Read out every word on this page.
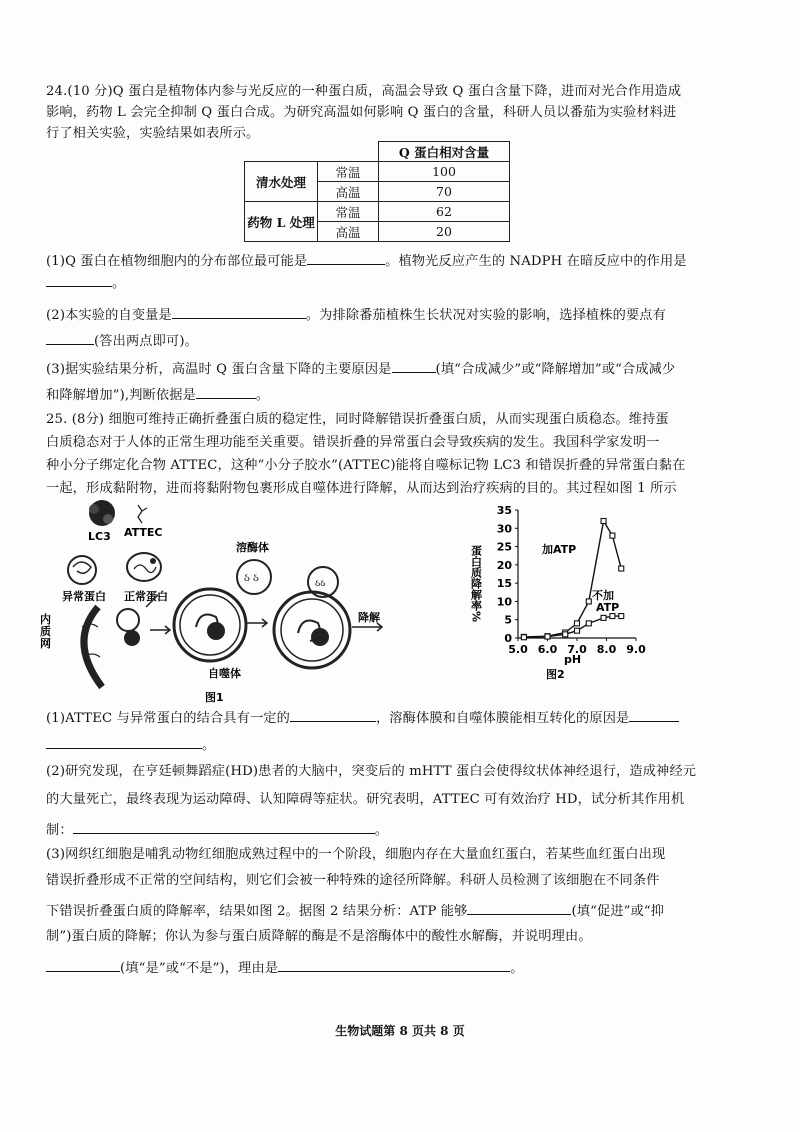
24.(10 分)Q 蛋白是植物体内参与光反应的一种蛋白质，高温会导致 Q 蛋白含量下降，进而对光合作用造成
影响，药物 L 会完全抑制 Q 蛋白合成。为研究高温如何影响 Q 蛋白的含量，科研人员以番茄为实验材料进
行了相关实验，实验结果如表所示。
		Q 蛋白相对含量
清水处理	常温	100
	高温	70
药物 L 处理	常温	62
	高温	20
(1)Q 蛋白在植物细胞内的分布部位最可能是	。植物光反应产生的 NADPH 在暗反应中的作用是
。
(2)本实验的自变量是	。为排除番茄植株生长状况对实验的影响，选择植株的要点有
(答出两点即可)。
(3)据实验结果分析，高温时 Q 蛋白含量下降的主要原因是	(填“合成减少”或“降解增加”或“合成减少
和降解增加”),判断依据是	。
25. (8分) 细胞可维持正确折叠蛋白质的稳定性，同时降解错误折叠蛋白质，从而实现蛋白质稳态。维持蛋
白质稳态对于人体的正常生理功能至关重要。错误折叠的异常蛋白会导致疾病的发生。我国科学家发明一
种小分子绑定化合物 ATTEC，这种“小分子胶水”(ATTEC)能将自噬标记物 LC3 和错误折叠的异常蛋白黏在
一起，形成黏附物，进而将黏附物包裹形成自噬体进行降解，从而达到治疗疾病的目的。其过程如图 1 所示
LC3 ATTEC
异常蛋白 正常蛋白
内
质
网
溶酶体
自噬体
降解
图1
ઠ ઠ	ઠઠ	蛋白质降解率%
pH
图2
加ATP
不加
ATP
0
5
10
15
20
25
30
35
5.0 6.0 7.0 8.0 9.0
(1)ATTEC 与异常蛋白的结合具有一定的	，溶酶体膜和自噬体膜能相互转化的原因是
。
(2)研究发现，在亨廷顿舞蹈症(HD)患者的大脑中，突变后的 mHTT 蛋白会使得纹状体神经退行，造成神经元
的大量死亡，最终表现为运动障碍、认知障碍等症状。研究表明，ATTEC 可有效治疗 HD，试分析其作用机
制：	。
(3)网织红细胞是哺乳动物红细胞成熟过程中的一个阶段，细胞内存在大量血红蛋白，若某些血红蛋白出现
错误折叠形成不正常的空间结构，则它们会被一种特殊的途径所降解。科研人员检测了该细胞在不同条件
下错误折叠蛋白质的降解率，结果如图 2。据图 2 结果分析：ATP 能够	(填“促进”或“抑
制”)蛋白质的降解；你认为参与蛋白质降解的酶是不是溶酶体中的酸性水解酶，并说明理由。
(填“是”或“不是”)，理由是	。
生物试题第 8 页共 8 页
